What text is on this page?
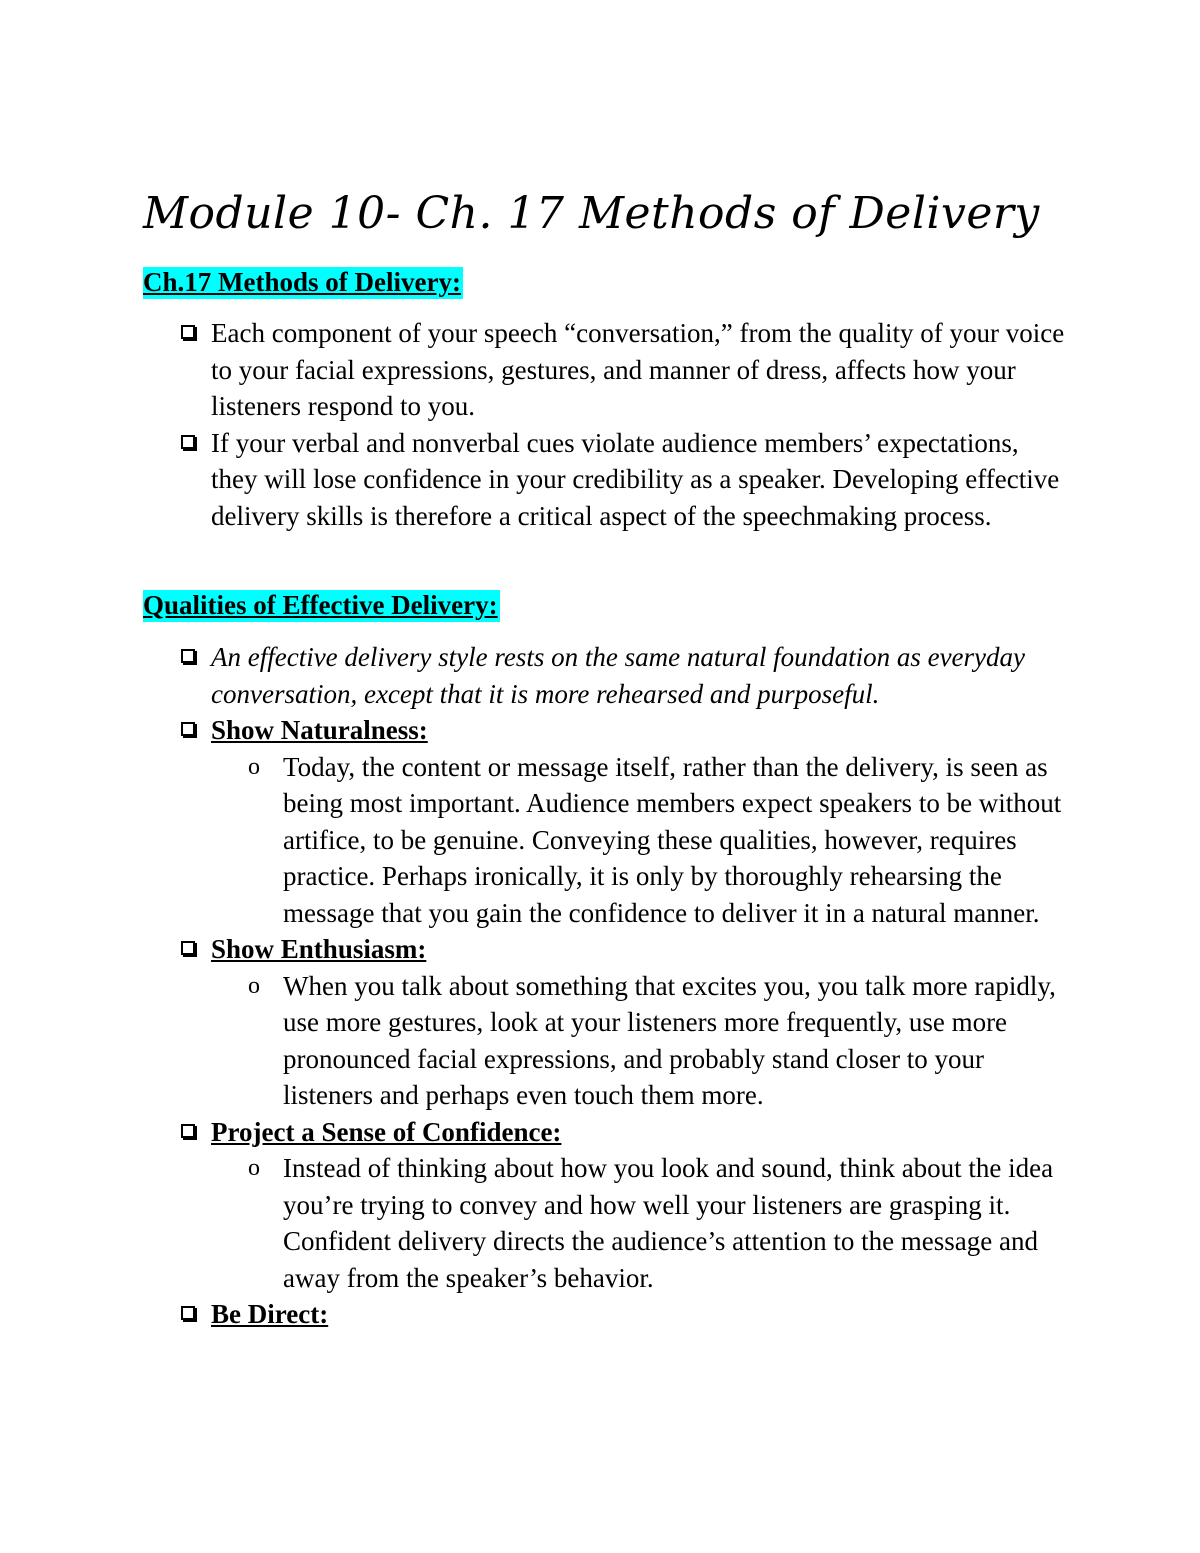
Module 10- Ch. 17 Methods of Delivery
Ch.17 Methods of Delivery:
Each component of your speech “conversation,” from the quality of your voice to your facial expressions, gestures, and manner of dress, affects how your listeners respond to you.
If your verbal and nonverbal cues violate audience members’ expectations, they will lose confidence in your credibility as a speaker. Developing effective delivery skills is therefore a critical aspect of the speechmaking process.
Qualities of Effective Delivery:
An effective delivery style rests on the same natural foundation as everyday conversation, except that it is more rehearsed and purposeful.
Show Naturalness:
o Today, the content or message itself, rather than the delivery, is seen as being most important. Audience members expect speakers to be without artifice, to be genuine. Conveying these qualities, however, requires practice. Perhaps ironically, it is only by thoroughly rehearsing the message that you gain the confidence to deliver it in a natural manner.
Show Enthusiasm:
o When you talk about something that excites you, you talk more rapidly, use more gestures, look at your listeners more frequently, use more pronounced facial expressions, and probably stand closer to your listeners and perhaps even touch them more.
Project a Sense of Confidence:
o Instead of thinking about how you look and sound, think about the idea you’re trying to convey and how well your listeners are grasping it. Confident delivery directs the audience’s attention to the message and away from the speaker’s behavior.
Be Direct:
